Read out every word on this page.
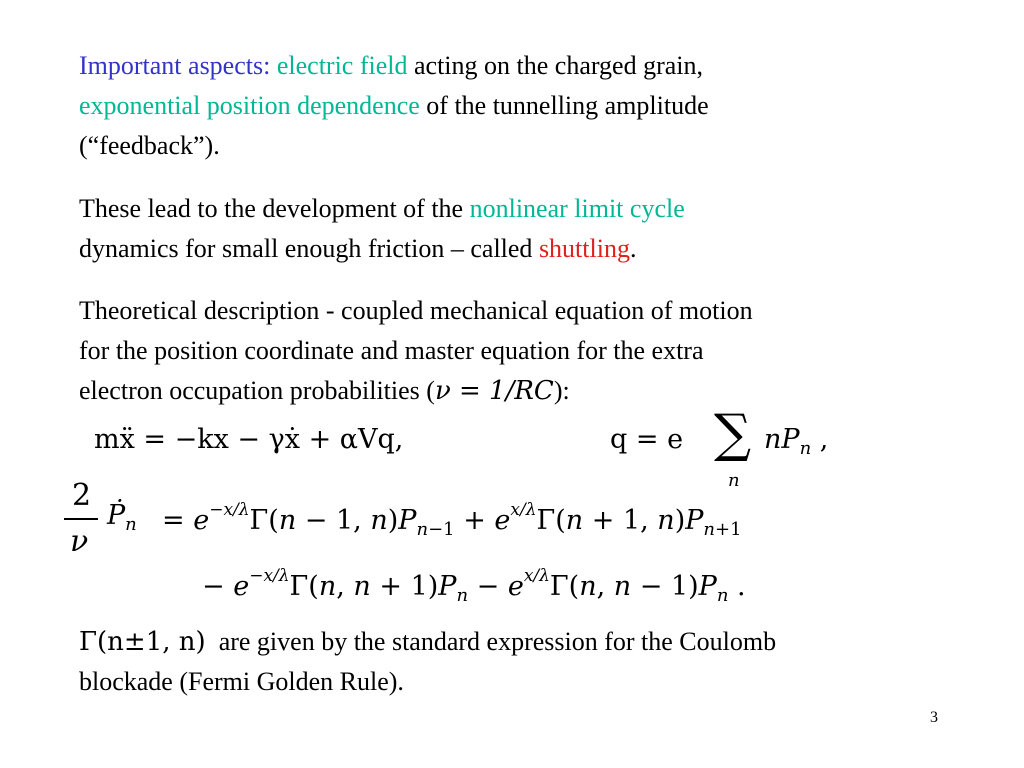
Important aspects: electric field acting on the charged grain,
exponential position dependence of the tunnelling amplitude
(“feedback”).
These lead to the development of the nonlinear limit cycle
dynamics for small enough friction – called shuttling.
Theoretical description - coupled mechanical equation of motion
for the position coordinate and master equation for the extra
electron occupation probabilities (ν = 1/RC):
mẍ = −kx − γẋ + αVq,	q = e ∑
n
$nP_n$ ,
2
ν
Ṗ$_n$ = $e^{-x/\lambda}\Gamma(n - 1$, $n)P_{n-1} + e^{x/\lambda}\Gamma(n + 1$, $n)P_{n+1}$
− $e^{-x/\lambda}\Gamma(n$, $n + 1)P_n - e^{x/\lambda}\Gamma(n$, $n - 1)P_n$ .
Γ(n±1, n) are given by the standard expression for the Coulomb
blockade (Fermi Golden Rule).
3
